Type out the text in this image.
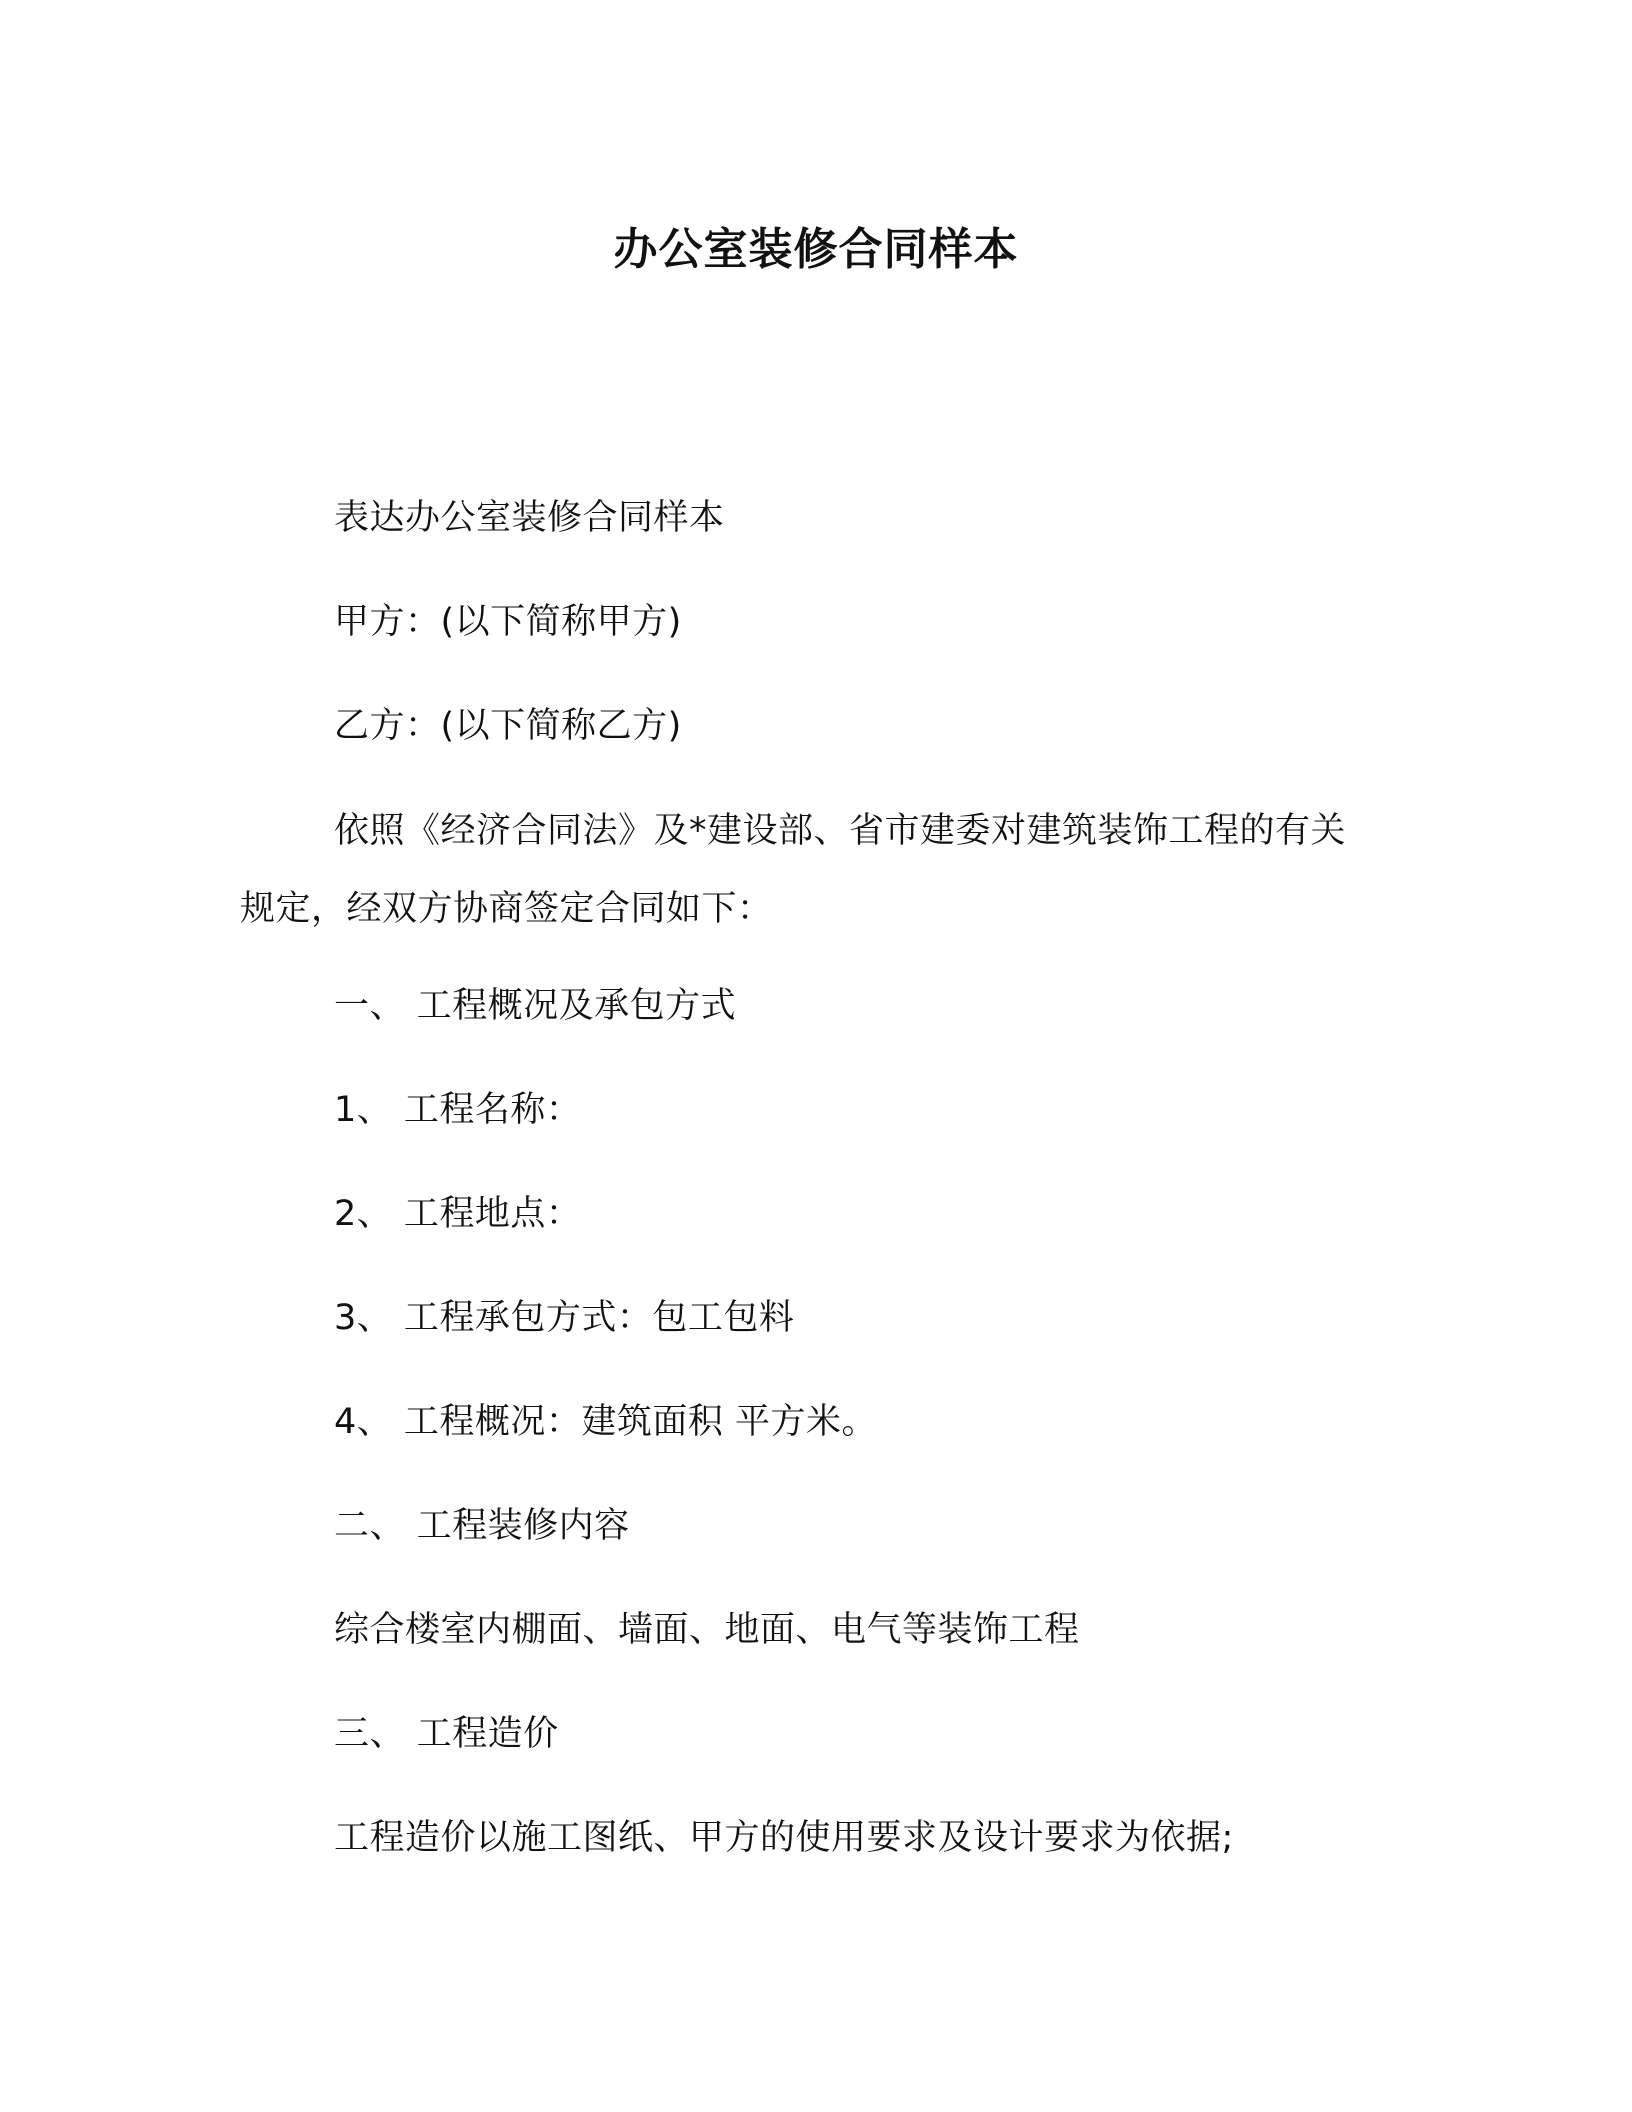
办公室装修合同样本
表达办公室装修合同样本
甲方：(以下简称甲方)
乙方：(以下简称乙方)
依照《经济合同法》及*建设部、省市建委对建筑装饰工程的有关规定，经双方协商签定合同如下：
一、 工程概况及承包方式
1、 工程名称：
2、 工程地点：
3、 工程承包方式：包工包料
4、 工程概况：建筑面积 平方米。
二、 工程装修内容
综合楼室内棚面、墙面、地面、电气等装饰工程
三、 工程造价
工程造价以施工图纸、甲方的使用要求及设计要求为依据;
